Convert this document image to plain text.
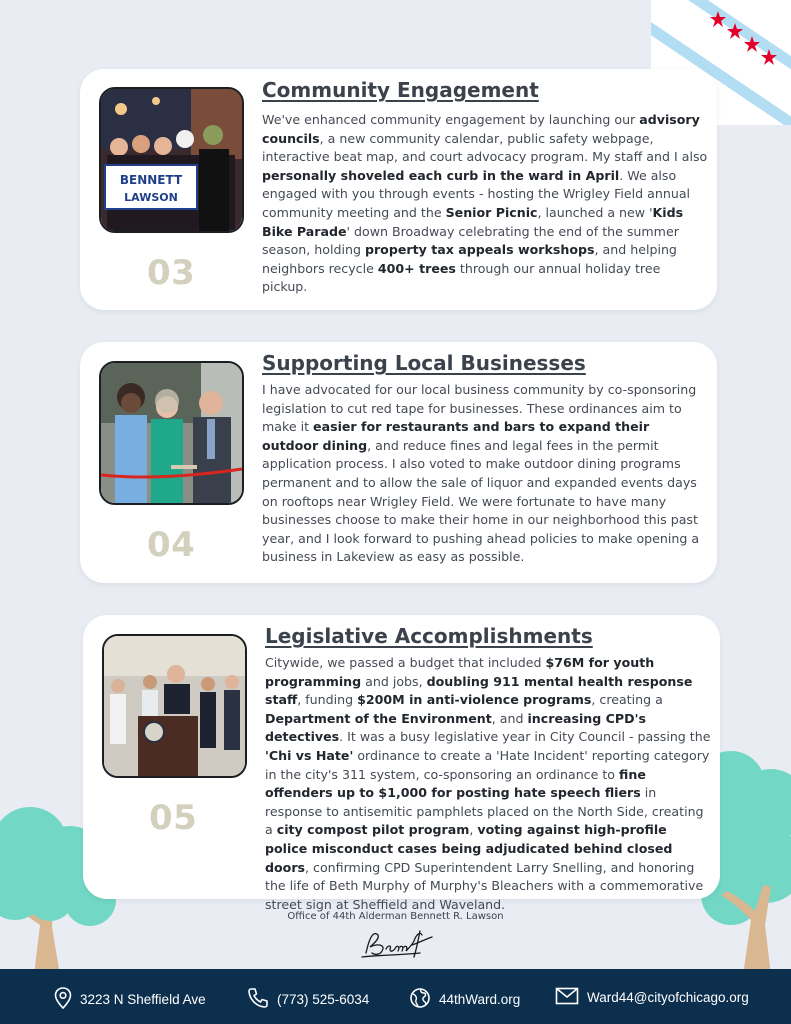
BENNETT
LAWSON
03
Community Engagement
We've enhanced community engagement by launching our advisory councils, a new community calendar, public safety webpage, interactive beat map, and court advocacy program. My staff and I also personally shoveled each curb in the ward in April. We also engaged with you through events - hosting the Wrigley Field annual community meeting and the Senior Picnic, launched a new 'Kids Bike Parade' down Broadway celebrating the end of the summer season, holding property tax appeals workshops, and helping neighbors recycle 400+ trees through our annual holiday tree pickup.
04
Supporting Local Businesses
I have advocated for our local business community by co-sponsoring legislation to cut red tape for businesses. These ordinances aim to make it easier for restaurants and bars to expand their outdoor dining, and reduce fines and legal fees in the permit application process. I also voted to make outdoor dining programs permanent and to allow the sale of liquor and expanded events days on rooftops near Wrigley Field. We were fortunate to have many businesses choose to make their home in our neighborhood this past year, and I look forward to pushing ahead policies to make opening a business in Lakeview as easy as possible.
05
Legislative Accomplishments
Citywide, we passed a budget that included $76M for youth programming and jobs, doubling 911 mental health response staff, funding $200M in anti-violence programs, creating a Department of the Environment, and increasing CPD's detectives. It was a busy legislative year in City Council - passing the 'Chi vs Hate' ordinance to create a 'Hate Incident' reporting category in the city's 311 system, co-sponsoring an ordinance to fine offenders up to $1,000 for posting hate speech fliers in response to antisemitic pamphlets placed on the North Side, creating a city compost pilot program, voting against high-profile police misconduct cases being adjudicated behind closed doors, confirming CPD Superintendent Larry Snelling, and honoring the life of Beth Murphy of Murphy's Bleachers with a commemorative street sign at Sheffield and Waveland.
Office of 44th Alderman Bennett R. Lawson
3223 N Sheffield Ave	(773) 525-6034	44thWard.org	Ward44@cityofchicago.org
